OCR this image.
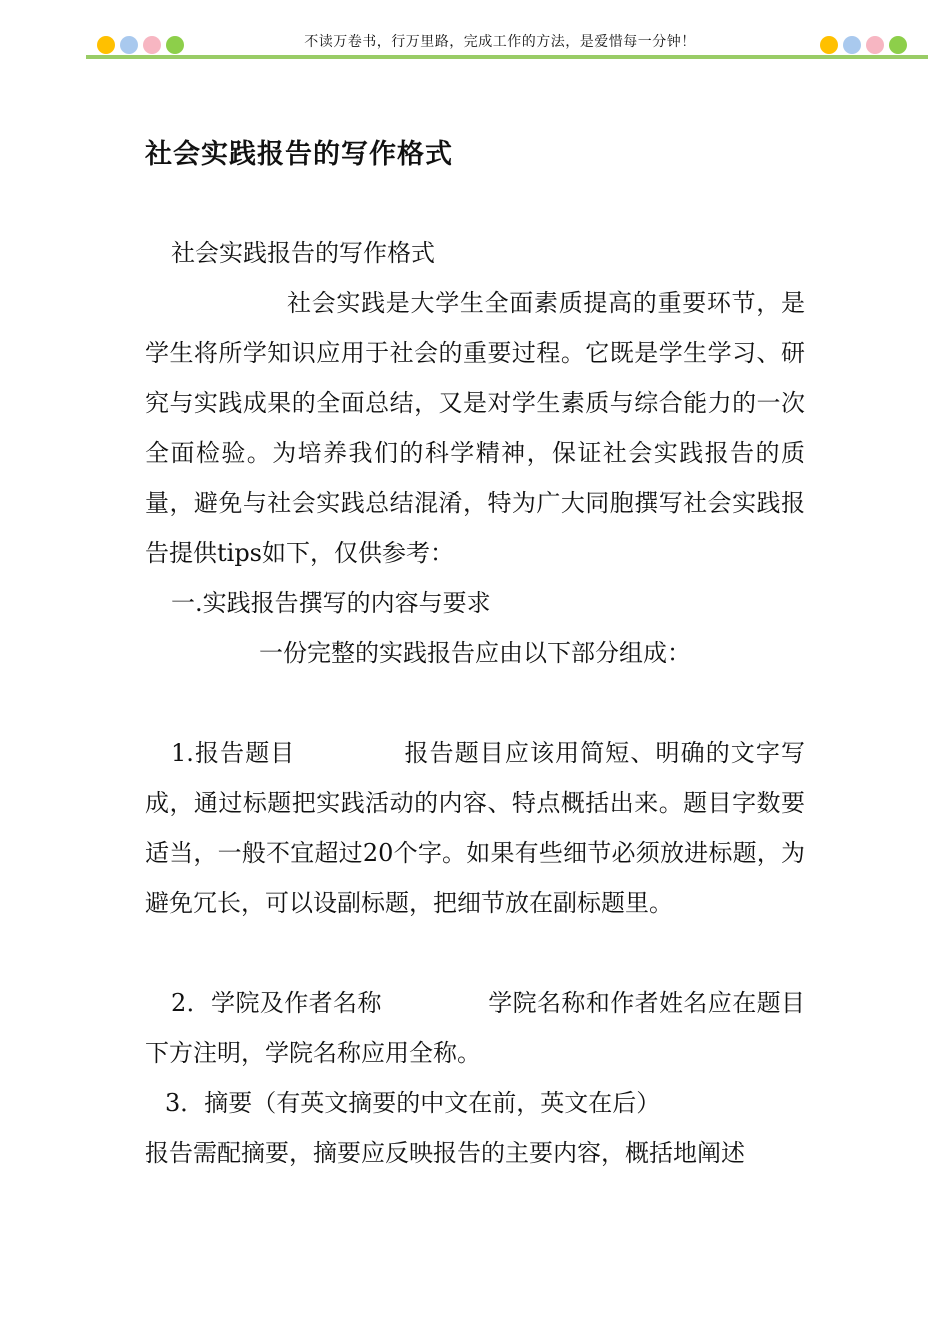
不读万卷书，行万里路，完成工作的方法，是爱惜每一分钟！
社会实践报告的写作格式

社会实践报告的写作格式

社会实践是大学生全面素质提高的重要环节，是学生将所学知识应用于社会的重要过程。它既是学生学习、研究与实践成果的全面总结，又是对学生素质与综合能力的一次全面检验。为培养我们的科学精神，保证社会实践报告的质量，避免与社会实践总结混淆，特为广大同胞撰写社会实践报告提供tips如下，仅供参考：

一.实践报告撰写的内容与要求

一份完整的实践报告应由以下部分组成：

1.报告题目	报告题目应该用简短、明确的文字写成，通过标题把实践活动的内容、特点概括出来。题目字数要适当，一般不宜超过20个字。如果有些细节必须放进标题，为避免冗长，可以设副标题，把细节放在副标题里。

2．学院及作者名称	学院名称和作者姓名应在题目下方注明，学院名称应用全称。

3．摘要（有英文摘要的中文在前，英文在后）

报告需配摘要，摘要应反映报告的主要内容，概括地阐述
